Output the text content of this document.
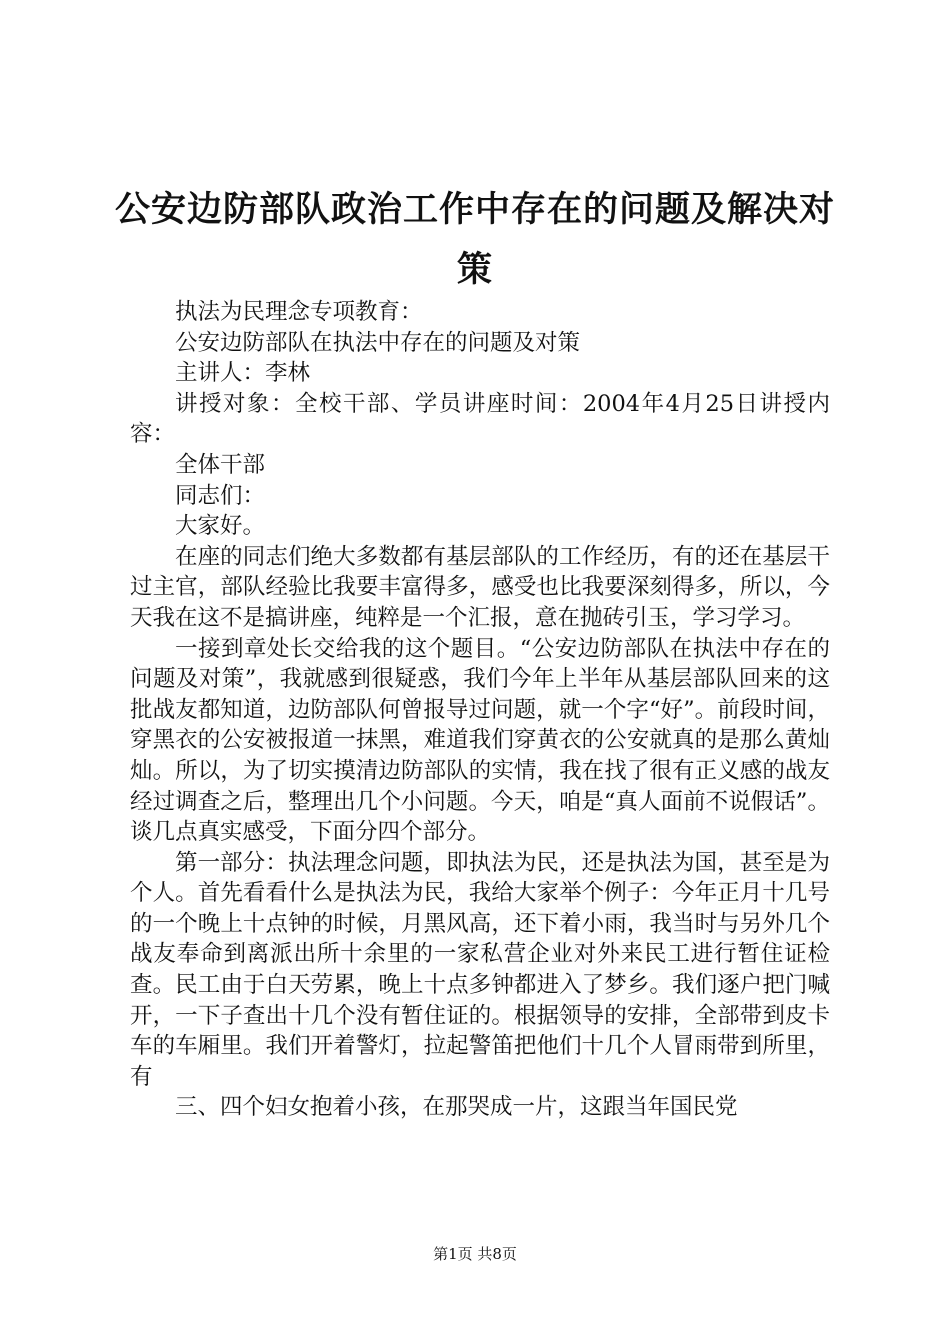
公安边防部队政治工作中存在的问题及解决对策

执法为民理念专项教育：

公安边防部队在执法中存在的问题及对策

主讲人：李林

讲授对象：全校干部、学员讲座时间：2004年4月25日讲授内容：

全体干部

同志们：

大家好。

在座的同志们绝大多数都有基层部队的工作经历，有的还在基层干过主官，部队经验比我要丰富得多，感受也比我要深刻得多，所以，今天我在这不是搞讲座，纯粹是一个汇报，意在抛砖引玉，学习学习。

一接到章处长交给我的这个题目。“公安边防部队在执法中存在的问题及对策”，我就感到很疑惑，我们今年上半年从基层部队回来的这批战友都知道，边防部队何曾报导过问题，就一个字“好”。前段时间，穿黑衣的公安被报道一抹黑，难道我们穿黄衣的公安就真的是那么黄灿灿。所以，为了切实摸清边防部队的实情，我在找了很有正义感的战友经过调查之后，整理出几个小问题。今天，咱是“真人面前不说假话”。谈几点真实感受，下面分四个部分。

第一部分：执法理念问题，即执法为民，还是执法为国，甚至是为个人。首先看看什么是执法为民，我给大家举个例子：今年正月十几号的一个晚上十点钟的时候，月黑风高，还下着小雨，我当时与另外几个战友奉命到离派出所十余里的一家私营企业对外来民工进行暂住证检查。民工由于白天劳累，晚上十点多钟都进入了梦乡。我们逐户把门喊开，一下子查出十几个没有暂住证的。根据领导的安排，全部带到皮卡车的车厢里。我们开着警灯，拉起警笛把他们十几个人冒雨带到所里，有

三、四个妇女抱着小孩，在那哭成一片，这跟当年国民党

第1页 共8页
